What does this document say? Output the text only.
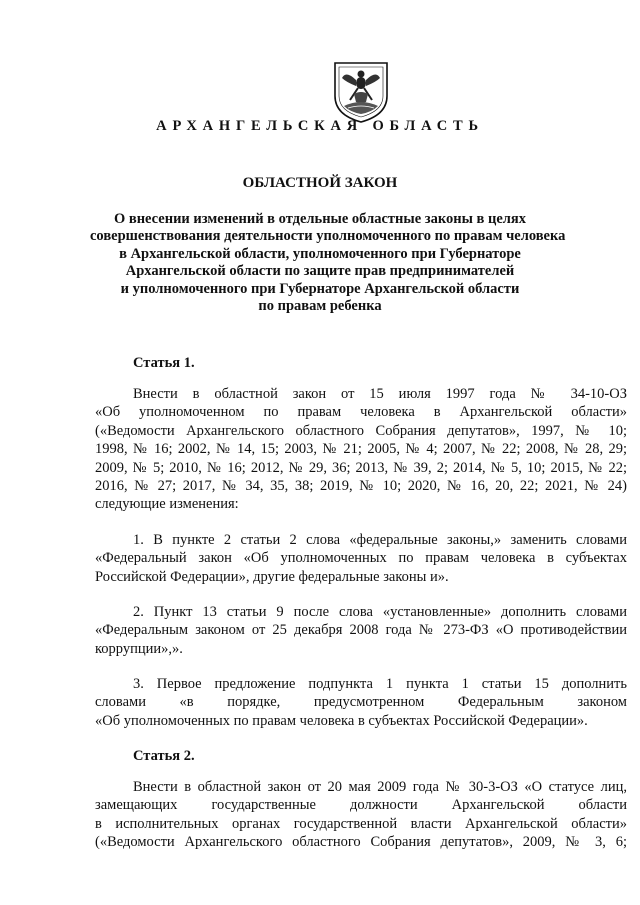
АРХАНГЕЛЬСКАЯ ОБЛАСТЬ
ОБЛАСТНОЙ ЗАКОН
О внесении изменений в отдельные областные законы в целях
совершенствования деятельности уполномоченного по правам человека
в Архангельской области, уполномоченного при Губернаторе
Архангельской области по защите прав предпринимателей
и уполномоченного при Губернаторе Архангельской области
по правам ребенка
Статья 1.
Внести в областной закон от 15 июля 1997 года № 34-10-ОЗ
«Об уполномоченном по правам человека в Архангельской области»
(«Ведомости Архангельского областного Собрания депутатов», 1997, № 10;
1998, № 16; 2002, № 14, 15; 2003, № 21; 2005, № 4; 2007, № 22; 2008, № 28, 29;
2009, № 5; 2010, № 16; 2012, № 29, 36; 2013, № 39, 2; 2014, № 5, 10; 2015, № 22;
2016, № 27; 2017, № 34, 35, 38; 2019, № 10; 2020, № 16, 20, 22; 2021, № 24)
следующие изменения:
1. В пункте 2 статьи 2 слова «федеральные законы,» заменить словами
«Федеральный закон «Об уполномоченных по правам человека в субъектах
Российской Федерации», другие федеральные законы и».
2. Пункт 13 статьи 9 после слова «установленные» дополнить словами
«Федеральным законом от 25 декабря 2008 года № 273-ФЗ «О противодействии
коррупции»,».
3. Первое предложение подпункта 1 пункта 1 статьи 15 дополнить
словами «в порядке, предусмотренном Федеральным законом
«Об уполномоченных по правам человека в субъектах Российской Федерации».
Статья 2.
Внести в областной закон от 20 мая 2009 года № 30-3-ОЗ «О статусе лиц,
замещающих государственные должности Архангельской области
в исполнительных органах государственной власти Архангельской области»
(«Ведомости Архангельского областного Собрания депутатов», 2009, № 3, 6;
